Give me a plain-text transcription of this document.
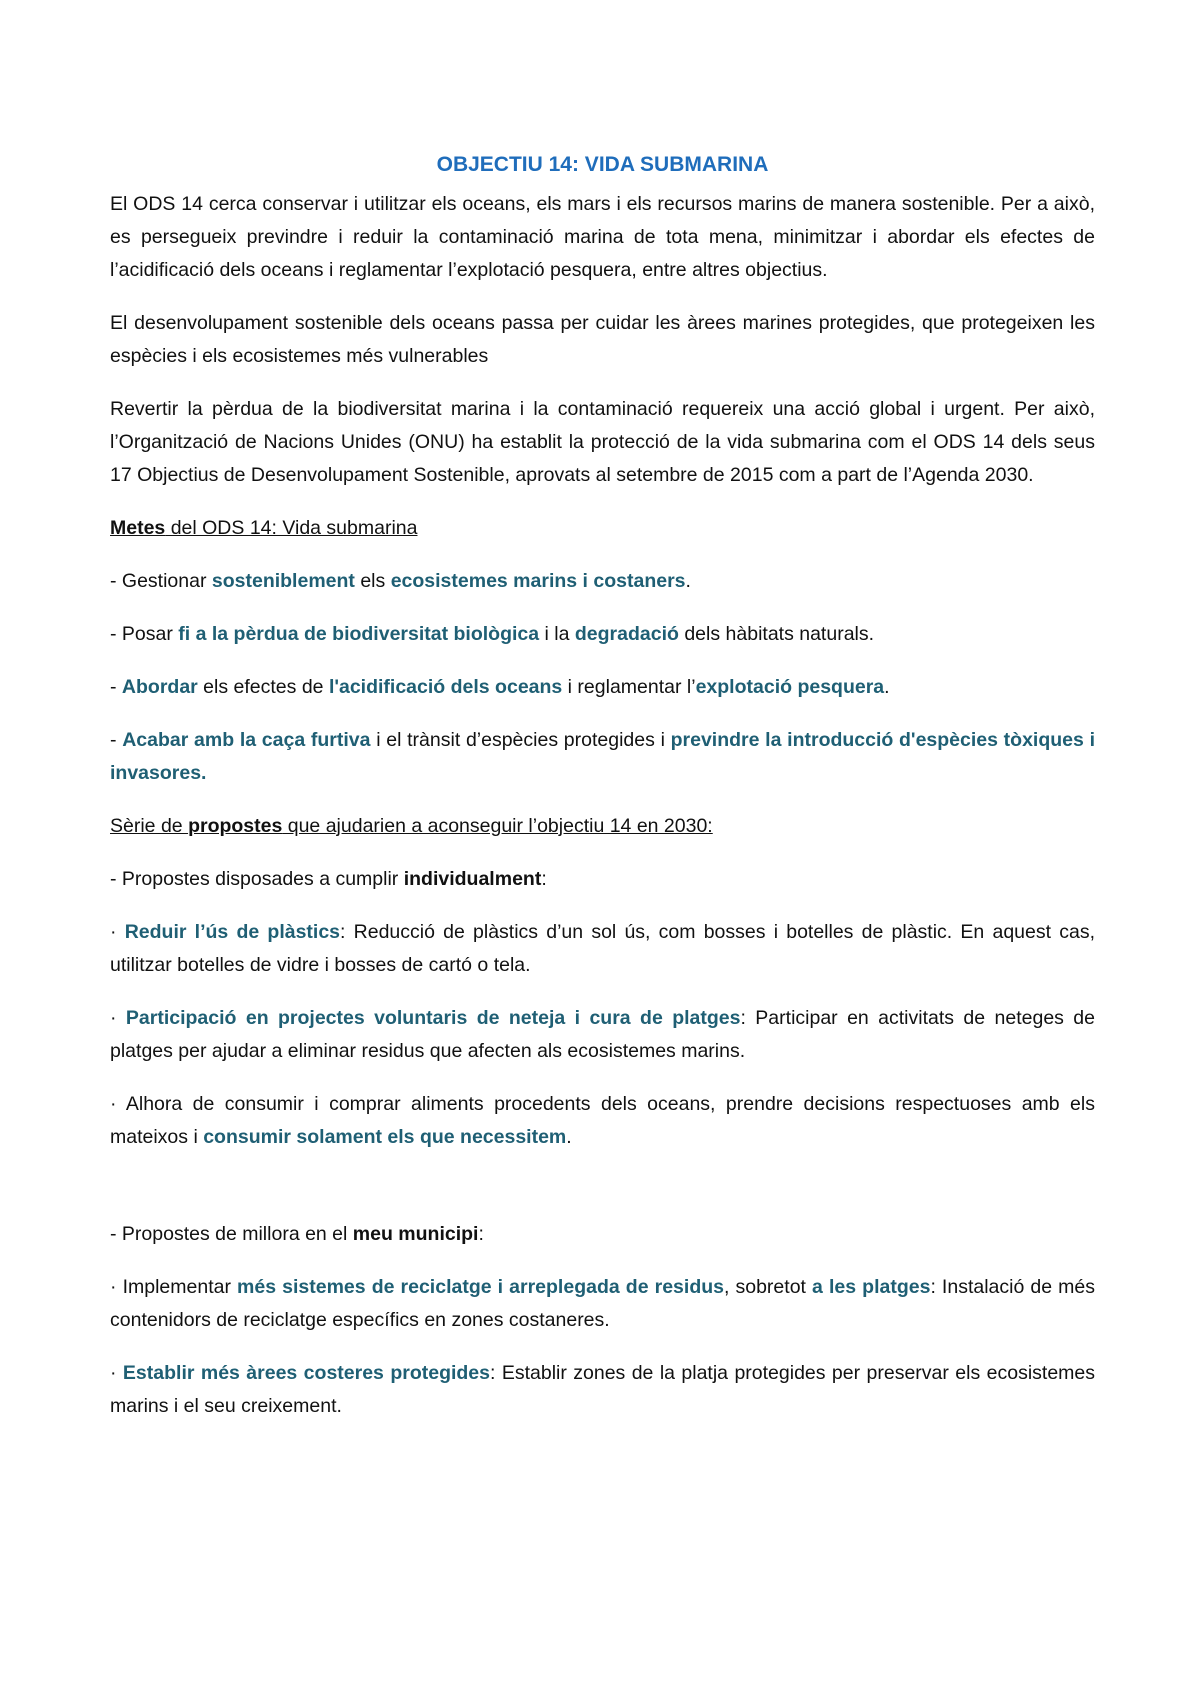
OBJECTIU 14: VIDA SUBMARINA

El ODS 14 cerca conservar i utilitzar els oceans, els mars i els recursos marins de manera sostenible. Per a això, es persegueix previndre i reduir la contaminació marina de tota mena, minimitzar i abordar els efectes de l’acidificació dels oceans i reglamentar l’explotació pesquera, entre altres objectius.

El desenvolupament sostenible dels oceans passa per cuidar les àrees marines protegides, que protegeixen les espècies i els ecosistemes més vulnerables

Revertir la pèrdua de la biodiversitat marina i la contaminació requereix una acció global i urgent. Per això, l’Organització de Nacions Unides (ONU) ha establit la protecció de la vida submarina com el ODS 14 dels seus 17 Objectius de Desenvolupament Sostenible, aprovats al setembre de 2015 com a part de l’Agenda 2030.

Metes del ODS 14: Vida submarina

- Gestionar sosteniblement els ecosistemes marins i costaners.

- Posar fi a la pèrdua de biodiversitat biològica i la degradació dels hàbitats naturals.

- Abordar els efectes de l'acidificació dels oceans i reglamentar l’explotació pesquera.

- Acabar amb la caça furtiva i el trànsit d’espècies protegides i previndre la introducció d'espècies tòxiques i invasores.

Sèrie de propostes que ajudarien a aconseguir l’objectiu 14 en 2030:

- Propostes disposades a cumplir individualment:

· Reduir l’ús de plàstics: Reducció de plàstics d’un sol ús, com bosses i botelles de plàstic. En aquest cas, utilitzar botelles de vidre i bosses de cartó o tela.

· Participació en projectes voluntaris de neteja i cura de platges: Participar en activitats de neteges de platges per ajudar a eliminar residus que afecten als ecosistemes marins.

· Alhora de consumir i comprar aliments procedents dels oceans, prendre decisions respectuoses amb els mateixos i consumir solament els que necessitem.

- Propostes de millora en el meu municipi:

· Implementar més sistemes de reciclatge i arreplegada de residus, sobretot a les platges: Instalació de més contenidors de reciclatge específics en zones costaneres.

· Establir més àrees costeres protegides: Establir zones de la platja protegides per preservar els ecosistemes marins i el seu creixement.
